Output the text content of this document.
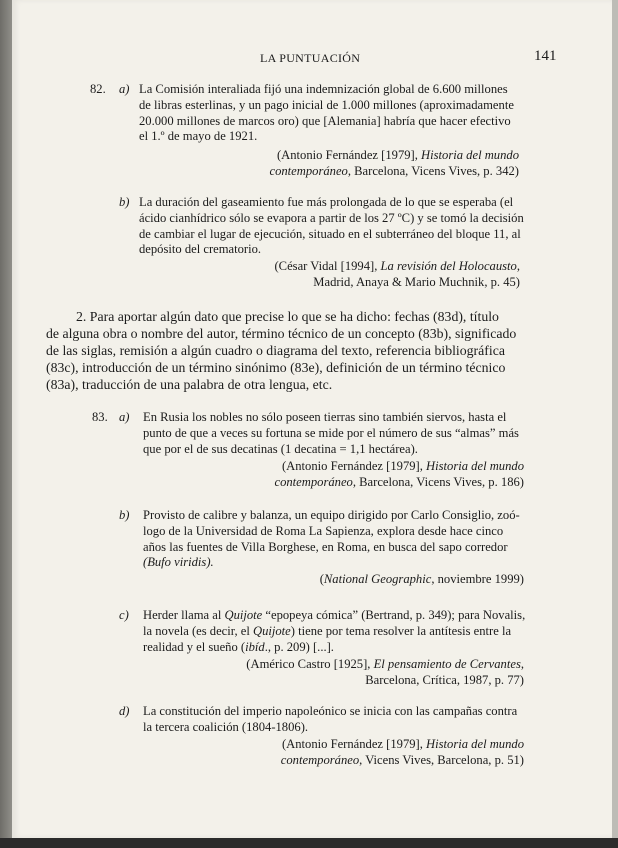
LA PUNTUACIÓN	141
82. a) La Comisión interaliada fijó una indemnización global de 6.600 millones
de libras esterlinas, y un pago inicial de 1.000 millones (aproximadamente
20.000 millones de marcos oro) que [Alemania] habría que hacer efectivo
el 1.º de mayo de 1921.
(Antonio Fernández [1979], Historia del mundo
contemporáneo, Barcelona, Vicens Vives, p. 342)
b) La duración del gaseamiento fue más prolongada de lo que se esperaba (el
ácido cianhídrico sólo se evapora a partir de los 27 ºC) y se tomó la decisión
de cambiar el lugar de ejecución, situado en el subterráneo del bloque 11, al
depósito del crematorio.
(César Vidal [1994], La revisión del Holocausto,
Madrid, Anaya & Mario Muchnik, p. 45)
2. Para aportar algún dato que precise lo que se ha dicho: fechas (83d), título
de alguna obra o nombre del autor, término técnico de un concepto (83b), significado
de las siglas, remisión a algún cuadro o diagrama del texto, referencia bibliográfica
(83c), introducción de un término sinónimo (83e), definición de un término técnico
(83a), traducción de una palabra de otra lengua, etc.
83. a) En Rusia los nobles no sólo poseen tierras sino también siervos, hasta el
punto de que a veces su fortuna se mide por el número de sus “almas” más
que por el de sus decatinas (1 decatina = 1,1 hectárea).
(Antonio Fernández [1979], Historia del mundo
contemporáneo, Barcelona, Vicens Vives, p. 186)
b) Provisto de calibre y balanza, un equipo dirigido por Carlo Consiglio, zoó-
logo de la Universidad de Roma La Sapienza, explora desde hace cinco
años las fuentes de Villa Borghese, en Roma, en busca del sapo corredor
(Bufo viridis).
(National Geographic, noviembre 1999)
c) Herder llama al Quijote “epopeya cómica” (Bertrand, p. 349); para Novalis,
la novela (es decir, el Quijote) tiene por tema resolver la antítesis entre la
realidad y el sueño (ibíd., p. 209) [...].
(Américo Castro [1925], El pensamiento de Cervantes,
Barcelona, Crítica, 1987, p. 77)
d) La constitución del imperio napoleónico se inicia con las campañas contra
la tercera coalición (1804-1806).
(Antonio Fernández [1979], Historia del mundo
contemporáneo, Vicens Vives, Barcelona, p. 51)
